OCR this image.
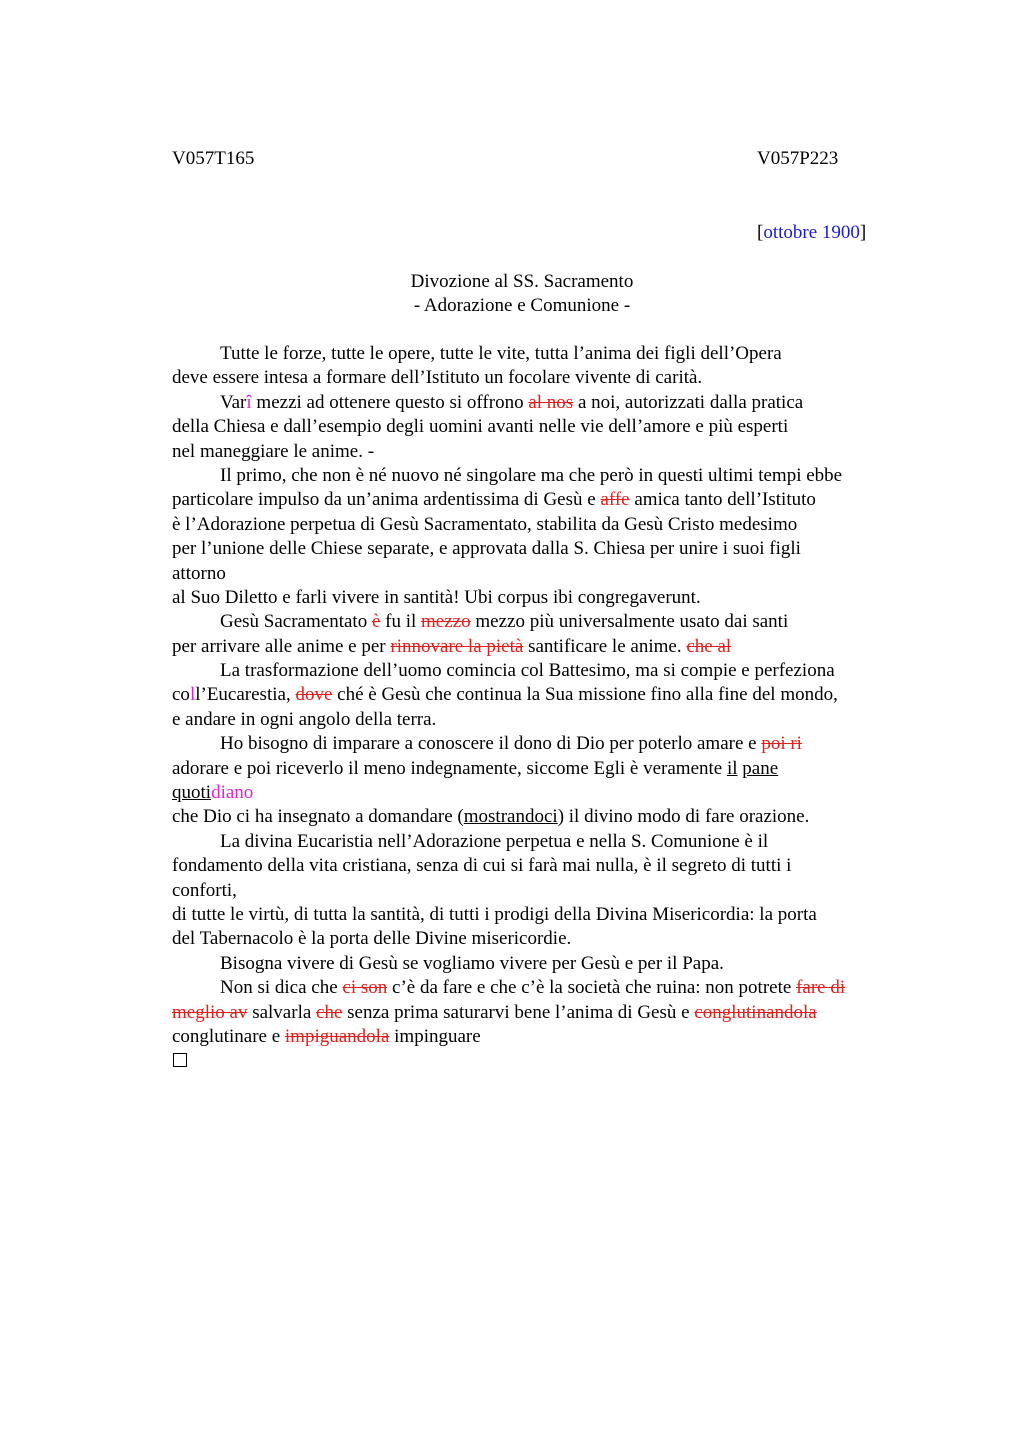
V057T165	V057P223
[ottobre 1900]
Divozione al SS. Sacramento
- Adorazione e Comunione -
Tutte le forze, tutte le opere, tutte le vite, tutta l’anima dei figli dell’Opera
deve essere intesa a formare dell’Istituto un focolare vivente di carità.
Varî mezzi ad ottenere questo si offrono al nos a noi, autorizzati dalla pratica
della Chiesa e dall’esempio degli uomini avanti nelle vie dell’amore e più esperti
nel maneggiare le anime. -
Il primo, che non è né nuovo né singolare ma che però in questi ultimi tempi ebbe
particolare impulso da un’anima ardentissima di Gesù e affe amica tanto dell’Istituto
è l’Adorazione perpetua di Gesù Sacramentato, stabilita da Gesù Cristo medesimo
per l’unione delle Chiese separate, e approvata dalla S. Chiesa per unire i suoi figli
attorno
al Suo Diletto e farli vivere in santità! Ubi corpus ibi congregaverunt.
Gesù Sacramentato è fu il mezzo mezzo più universalmente usato dai santi
per arrivare alle anime e per rinnovare la pietà santificare le anime. che al
La trasformazione dell’uomo comincia col Battesimo, ma si compie e perfeziona
coll’Eucarestia, dove ché è Gesù che continua la Sua missione fino alla fine del mondo,
e andare in ogni angolo della terra.
Ho bisogno di imparare a conoscere il dono di Dio per poterlo amare e poi ri
adorare e poi riceverlo il meno indegnamente, siccome Egli è veramente il pane
quotidiano
che Dio ci ha insegnato a domandare (mostrandoci) il divino modo di fare orazione.
La divina Eucaristia nell’Adorazione perpetua e nella S. Comunione è il
fondamento della vita cristiana, senza di cui si farà mai nulla, è il segreto di tutti i
conforti,
di tutte le virtù, di tutta la santità, di tutti i prodigi della Divina Misericordia: la porta
del Tabernacolo è la porta delle Divine misericordie.
Bisogna vivere di Gesù se vogliamo vivere per Gesù e per il Papa.
Non si dica che ci son c’è da fare e che c’è la società che ruina: non potrete fare di
meglio av salvarla che senza prima saturarvi bene l’anima di Gesù e conglutinandola
conglutinare e impiguandola impinguare
